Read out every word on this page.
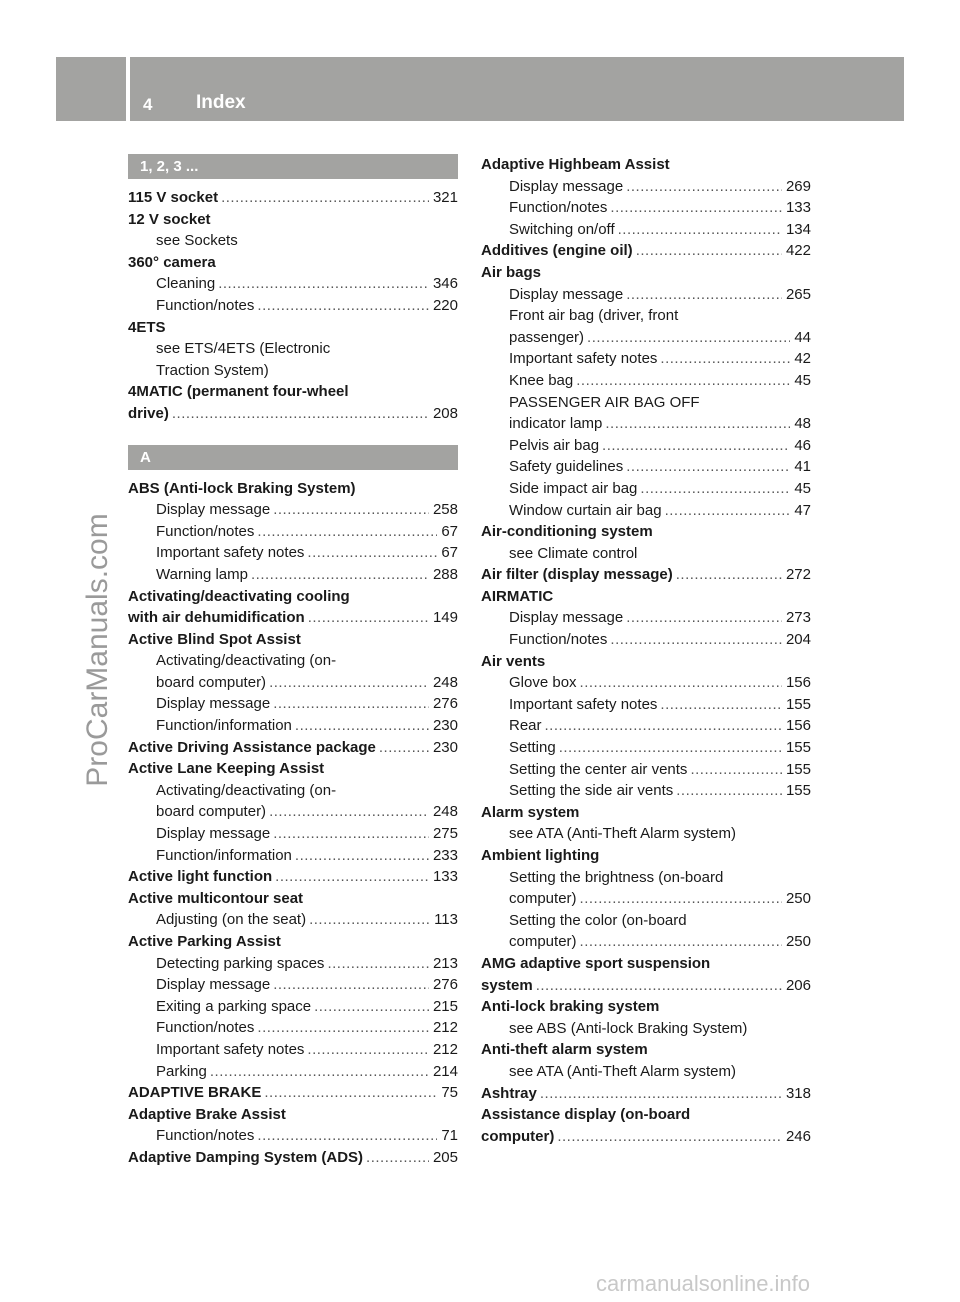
4 Index
ProCarManuals.com
1, 2, 3 ...
115 V socket .....	321
12 V socket
see Sockets
360° camera
Cleaning .....	346
Function/notes .....	220
4ETS
see ETS/4ETS (Electronic
Traction System)
4MATIC (permanent four-wheel
drive) .....	208
A
ABS (Anti-lock Braking System)
Display message .....	258
Function/notes .....	67
Important safety notes .....	67
Warning lamp .....	288
Activating/deactivating cooling
with air dehumidification .....	149
Active Blind Spot Assist
Activating/deactivating (on-
board computer) .....	248
Display message .....	276
Function/information .....	230
Active Driving Assistance package .....	230
Active Lane Keeping Assist
Activating/deactivating (on-
board computer) .....	248
Display message .....	275
Function/information .....	233
Active light function .....	133
Active multicontour seat
Adjusting (on the seat) .....	113
Active Parking Assist
Detecting parking spaces .....	213
Display message .....	276
Exiting a parking space .....	215
Function/notes .....	212
Important safety notes .....	212
Parking .....	214
ADAPTIVE BRAKE .....	75
Adaptive Brake Assist
Function/notes .....	71
Adaptive Damping System (ADS) .....	205
Adaptive Highbeam Assist
Display message .....	269
Function/notes .....	133
Switching on/off .....	134
Additives (engine oil) .....	422
Air bags
Display message .....	265
Front air bag (driver, front
passenger) .....	44
Important safety notes .....	42
Knee bag .....	45
PASSENGER AIR BAG OFF
indicator lamp .....	48
Pelvis air bag .....	46
Safety guidelines .....	41
Side impact air bag .....	45
Window curtain air bag .....	47
Air-conditioning system
see Climate control
Air filter (display message) .....	272
AIRMATIC
Display message .....	273
Function/notes .....	204
Air vents
Glove box .....	156
Important safety notes .....	155
Rear .....	156
Setting .....	155
Setting the center air vents .....	155
Setting the side air vents .....	155
Alarm system
see ATA (Anti-Theft Alarm system)
Ambient lighting
Setting the brightness (on-board
computer) .....	250
Setting the color (on-board
computer) .....	250
AMG adaptive sport suspension
system .....	206
Anti-lock braking system
see ABS (Anti-lock Braking System)
Anti-theft alarm system
see ATA (Anti-Theft Alarm system)
Ashtray .....	318
Assistance display (on-board
computer) .....	246
carmanualsonline.info
